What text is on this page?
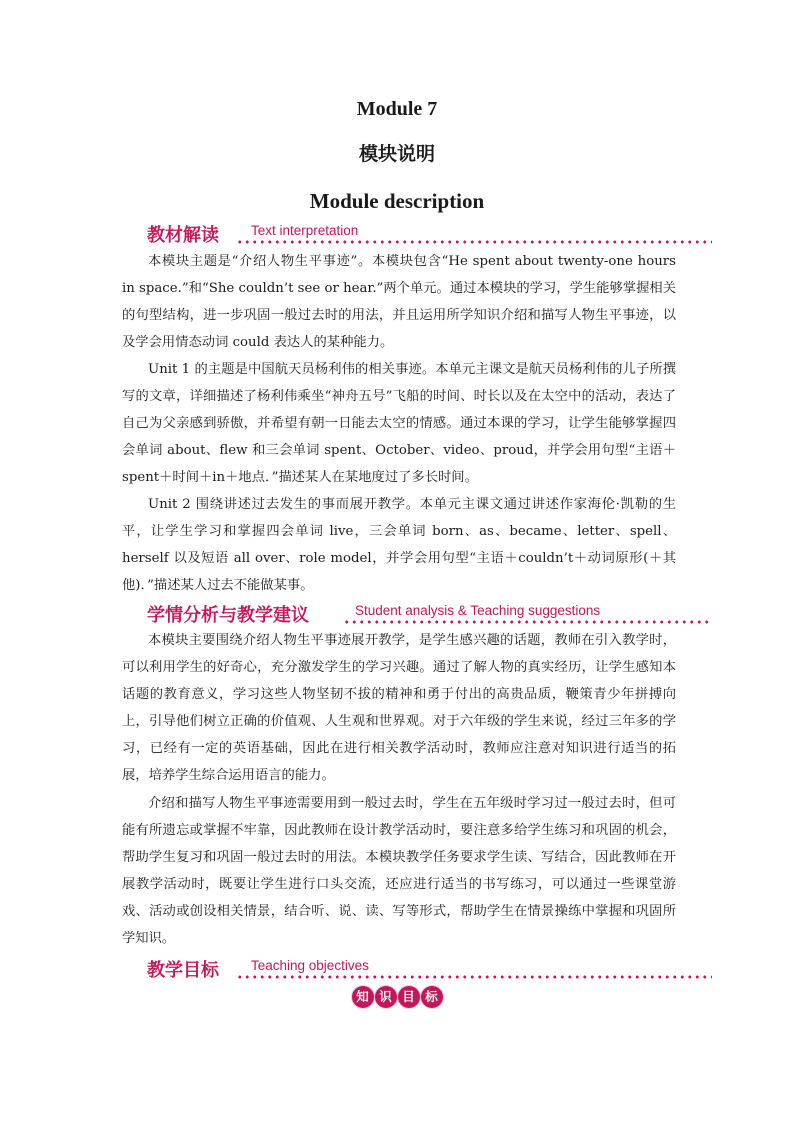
Module 7
模块说明
Module description
教材解读 Text interpretation

本模块主题是“介绍人物生平事迹”。本模块包含“He spent about twenty-one hours in space.”和“She couldn’t see or hear.”两个单元。通过本模块的学习，学生能够掌握相关的句型结构，进一步巩固一般过去时的用法，并且运用所学知识介绍和描写人物生平事迹，以及学会用情态动词 could 表达人的某种能力。

Unit 1 的主题是中国航天员杨利伟的相关事迹。本单元主课文是航天员杨利伟的儿子所撰写的文章，详细描述了杨利伟乘坐“神舟五号”飞船的时间、时长以及在太空中的活动，表达了自己为父亲感到骄傲，并希望有朝一日能去太空的情感。通过本课的学习，让学生能够掌握四会单词 about、flew 和三会单词 spent、October、video、proud，并学会用句型“主语＋spent＋时间＋in＋地点．”描述某人在某地度过了多长时间。

Unit 2 围绕讲述过去发生的事而展开教学。本单元主课文通过讲述作家海伦·凯勒的生平，让学生学习和掌握四会单词 live，三会单词 born、as、became、letter、spell、herself 以及短语 all over、role model，并学会用句型“主语＋couldn’t＋动词原形(＋其他)．”描述某人过去不能做某事。

学情分析与教学建议	Student analysis & Teaching suggestions

本模块主要围绕介绍人物生平事迹展开教学，是学生感兴趣的话题，教师在引入教学时，可以利用学生的好奇心，充分激发学生的学习兴趣。通过了解人物的真实经历，让学生感知本话题的教育意义，学习这些人物坚韧不拔的精神和勇于付出的高贵品质，鞭策青少年拼搏向上，引导他们树立正确的价值观、人生观和世界观。对于六年级的学生来说，经过三年多的学习，已经有一定的英语基础，因此在进行相关教学活动时，教师应注意对知识进行适当的拓展，培养学生综合运用语言的能力。

介绍和描写人物生平事迹需要用到一般过去时，学生在五年级时学习过一般过去时，但可能有所遗忘或掌握不牢靠，因此教师在设计教学活动时，要注意多给学生练习和巩固的机会，帮助学生复习和巩固一般过去时的用法。本模块教学任务要求学生读、写结合，因此教师在开展教学活动时，既要让学生进行口头交流，还应进行适当的书写练习，可以通过一些课堂游戏、活动或创设相关情景，结合听、说、读、写等形式，帮助学生在情景操练中掌握和巩固所学知识。

教学目标 Teaching objectives
知 识 目 标
